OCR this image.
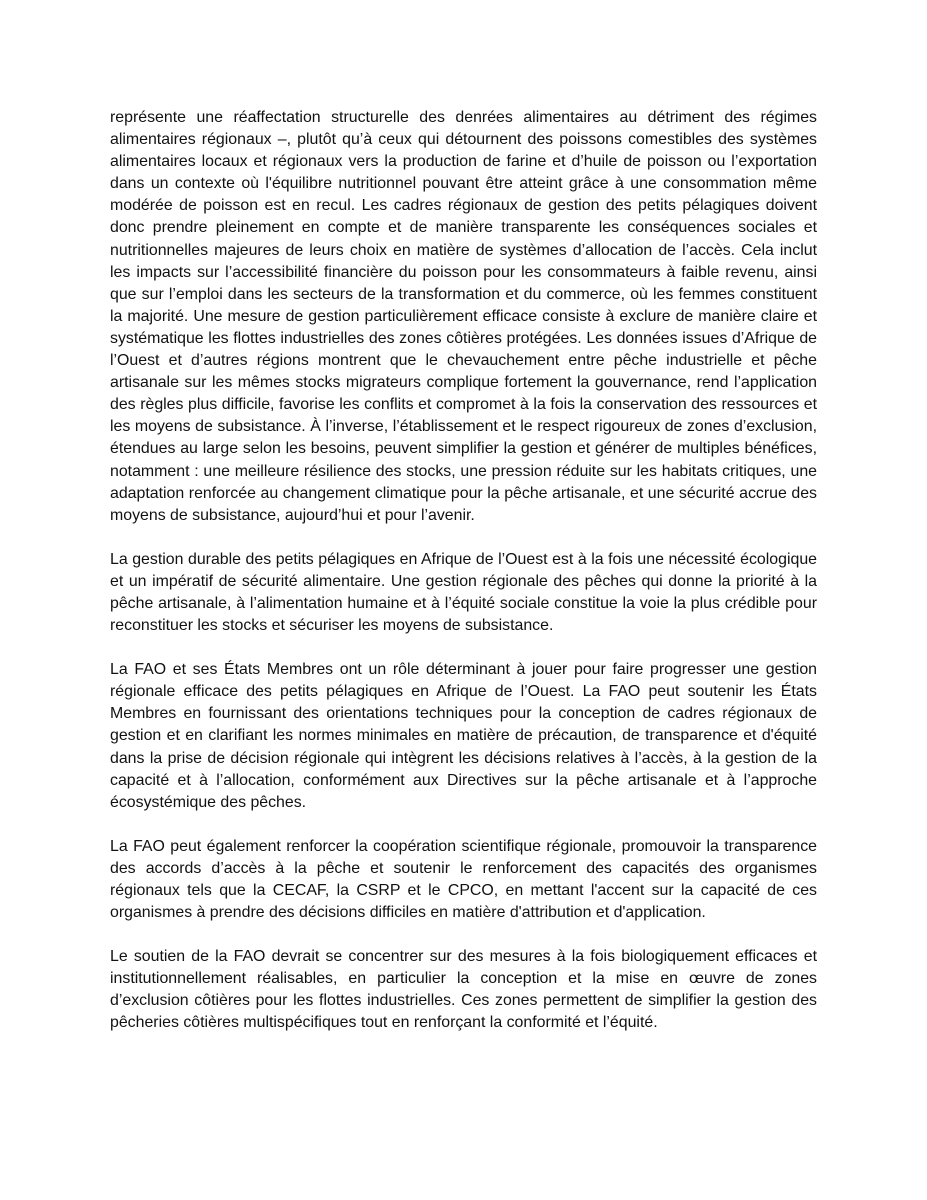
représente une réaffectation structurelle des denrées alimentaires au détriment des régimes alimentaires régionaux –, plutôt qu’à ceux qui détournent des poissons comestibles des systèmes alimentaires locaux et régionaux vers la production de farine et d’huile de poisson ou l’exportation dans un contexte où l'équilibre nutritionnel pouvant être atteint grâce à une consommation même modérée de poisson est en recul. Les cadres régionaux de gestion des petits pélagiques doivent donc prendre pleinement en compte et de manière transparente les conséquences sociales et nutritionnelles majeures de leurs choix en matière de systèmes d’allocation de l’accès. Cela inclut les impacts sur l’accessibilité financière du poisson pour les consommateurs à faible revenu, ainsi que sur l’emploi dans les secteurs de la transformation et du commerce, où les femmes constituent la majorité. Une mesure de gestion particulièrement efficace consiste à exclure de manière claire et systématique les flottes industrielles des zones côtières protégées. Les données issues d’Afrique de l’Ouest et d’autres régions montrent que le chevauchement entre pêche industrielle et pêche artisanale sur les mêmes stocks migrateurs complique fortement la gouvernance, rend l’application des règles plus difficile, favorise les conflits et compromet à la fois la conservation des ressources et les moyens de subsistance. À l’inverse, l’établissement et le respect rigoureux de zones d’exclusion, étendues au large selon les besoins, peuvent simplifier la gestion et générer de multiples bénéfices, notamment : une meilleure résilience des stocks, une pression réduite sur les habitats critiques, une adaptation renforcée au changement climatique pour la pêche artisanale, et une sécurité accrue des moyens de subsistance, aujourd’hui et pour l’avenir.

La gestion durable des petits pélagiques en Afrique de l’Ouest est à la fois une nécessité écologique et un impératif de sécurité alimentaire. Une gestion régionale des pêches qui donne la priorité à la pêche artisanale, à l’alimentation humaine et à l’équité sociale constitue la voie la plus crédible pour reconstituer les stocks et sécuriser les moyens de subsistance.

La FAO et ses États Membres ont un rôle déterminant à jouer pour faire progresser une gestion régionale efficace des petits pélagiques en Afrique de l’Ouest. La FAO peut soutenir les États Membres en fournissant des orientations techniques pour la conception de cadres régionaux de gestion et en clarifiant les normes minimales en matière de précaution, de transparence et d'équité dans la prise de décision régionale qui intègrent les décisions relatives à l’accès, à la gestion de la capacité et à l’allocation, conformément aux Directives sur la pêche artisanale et à l’approche écosystémique des pêches.

La FAO peut également renforcer la coopération scientifique régionale, promouvoir la transparence des accords d’accès à la pêche et soutenir le renforcement des capacités des organismes régionaux tels que la CECAF, la CSRP et le CPCO, en mettant l'accent sur la capacité de ces organismes à prendre des décisions difficiles en matière d'attribution et d'application.

Le soutien de la FAO devrait se concentrer sur des mesures à la fois biologiquement efficaces et institutionnellement réalisables, en particulier la conception et la mise en œuvre de zones d’exclusion côtières pour les flottes industrielles. Ces zones permettent de simplifier la gestion des pêcheries côtières multispécifiques tout en renforçant la conformité et l’équité.
